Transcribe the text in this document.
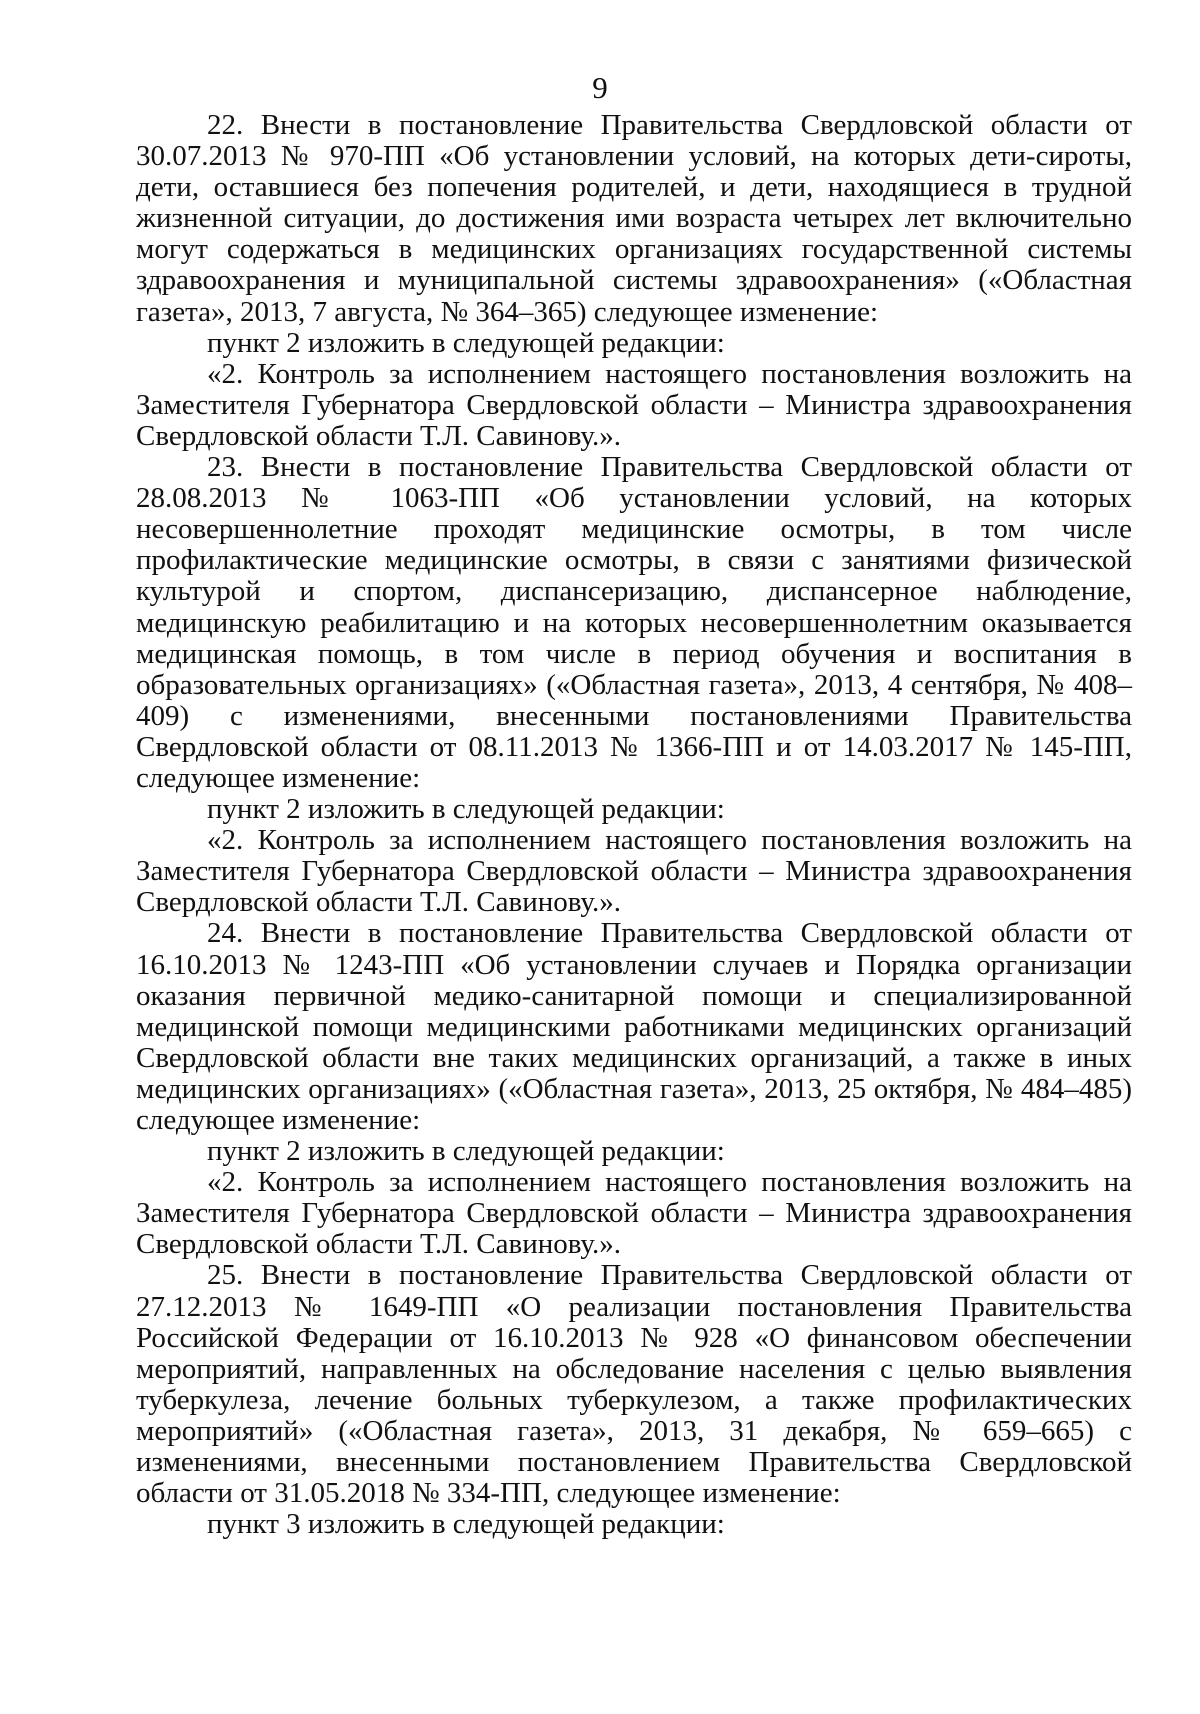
9

22. Внести в постановление Правительства Свердловской области от 30.07.2013 № 970-ПП «Об установлении условий, на которых дети-сироты, дети, оставшиеся без попечения родителей, и дети, находящиеся в трудной жизненной ситуации, до достижения ими возраста четырех лет включительно могут содержаться в медицинских организациях государственной системы здравоохранения и муниципальной системы здравоохранения» («Областная газета», 2013, 7 августа, № 364–365) следующее изменение:

пункт 2 изложить в следующей редакции:

«2. Контроль за исполнением настоящего постановления возложить на Заместителя Губернатора Свердловской области – Министра здравоохранения Свердловской области Т.Л. Савинову.».

23. Внести в постановление Правительства Свердловской области от 28.08.2013 № 1063-ПП «Об установлении условий, на которых несовершеннолетние проходят медицинские осмотры, в том числе профилактические медицинские осмотры, в связи с занятиями физической культурой и спортом, диспансеризацию, диспансерное наблюдение, медицинскую реабилитацию и на которых несовершеннолетним оказывается медицинская помощь, в том числе в период обучения и воспитания в образовательных организациях» («Областная газета», 2013, 4 сентября, № 408–409) с изменениями, внесенными постановлениями Правительства Свердловской области от 08.11.2013 № 1366-ПП и от 14.03.2017 № 145-ПП, следующее изменение:

пункт 2 изложить в следующей редакции:

«2. Контроль за исполнением настоящего постановления возложить на Заместителя Губернатора Свердловской области – Министра здравоохранения Свердловской области Т.Л. Савинову.».

24. Внести в постановление Правительства Свердловской области от 16.10.2013 № 1243-ПП «Об установлении случаев и Порядка организации оказания первичной медико-санитарной помощи и специализированной медицинской помощи медицинскими работниками медицинских организаций Свердловской области вне таких медицинских организаций, а также в иных медицинских организациях» («Областная газета», 2013, 25 октября, № 484–485) следующее изменение:

пункт 2 изложить в следующей редакции:

«2. Контроль за исполнением настоящего постановления возложить на Заместителя Губернатора Свердловской области – Министра здравоохранения Свердловской области Т.Л. Савинову.».

25. Внести в постановление Правительства Свердловской области от 27.12.2013 № 1649-ПП «О реализации постановления Правительства Российской Федерации от 16.10.2013 № 928 «О финансовом обеспечении мероприятий, направленных на обследование населения с целью выявления туберкулеза, лечение больных туберкулезом, а также профилактических мероприятий» («Областная газета», 2013, 31 декабря, № 659–665) с изменениями, внесенными постановлением Правительства Свердловской области от 31.05.2018 № 334-ПП, следующее изменение:

пункт 3 изложить в следующей редакции:
